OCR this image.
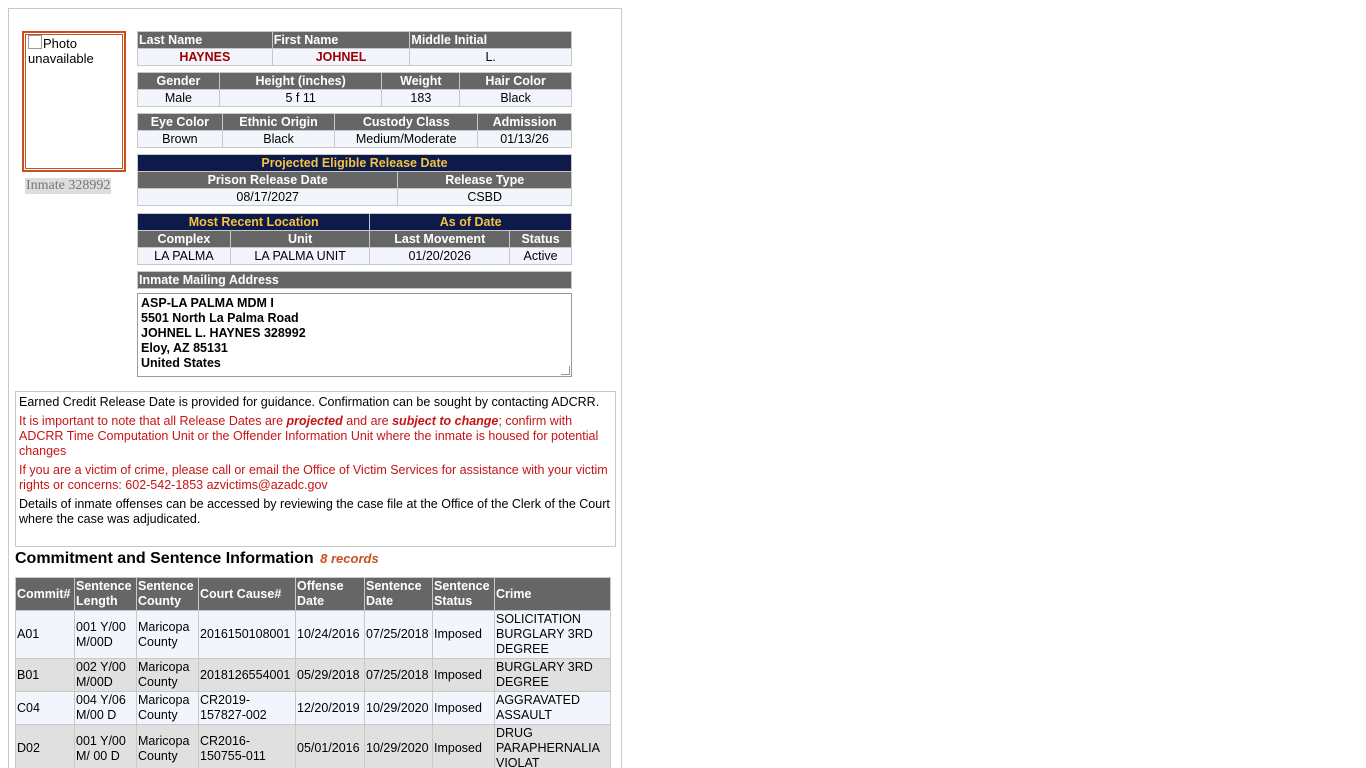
Photo unavailable
Inmate 328992
Last Name	First Name	Middle Initial
HAYNES	JOHNEL	L.
Gender	Height (inches)	Weight	Hair Color
Male	5 f 11	183	Black
Eye Color	Ethnic Origin	Custody Class	Admission
Brown	Black	Medium/Moderate	01/13/26
Projected Eligible Release Date	
Prison Release Date	Release Type
08/17/2027	CSBD
Most Recent Location		As of Date	
Complex	Unit	Last Movement	Status
LA PALMA	LA PALMA UNIT	01/20/2026	Active
Inmate Mailing Address
ASP-LA PALMA MDM I
5501 North La Palma Road
JOHNEL L. HAYNES 328992
Eloy, AZ 85131
United States

Earned Credit Release Date is provided for guidance. Confirmation can be sought by contacting ADCRR.

It is important to note that all Release Dates are projected and are subject to change; confirm with ADCRR Time Computation Unit or the Offender Information Unit where the inmate is housed for potential changes

If you are a victim of crime, please call or email the Office of Victim Services for assistance with your victim rights or concerns: 602-542-1853 azvictims@azadc.gov

Details of inmate offenses can be accessed by reviewing the case file at the Office of the Clerk of the Court where the case was adjudicated.

Commitment and Sentence Information 8 records
Commit#	Sentence Length	Sentence County	Court Cause#	Offense Date	Sentence Date	Sentence Status	Crime
A01	001 Y/00 M/00D	Maricopa County	2016150108001	10/24/2016	07/25/2018	Imposed	SOLICITATION BURGLARY 3RD DEGREE
B01	002 Y/00 M/00D	Maricopa County	2018126554001	05/29/2018	07/25/2018	Imposed	BURGLARY 3RD DEGREE
C04	004 Y/06 M/00 D	Maricopa County	CR2019-157827-002	12/20/2019	10/29/2020	Imposed	AGGRAVATED ASSAULT
D02	001 Y/00 M/ 00 D	Maricopa County	CR2016-150755-011	05/01/2016	10/29/2020	Imposed	DRUG PARAPHERNALIA VIOLAT
